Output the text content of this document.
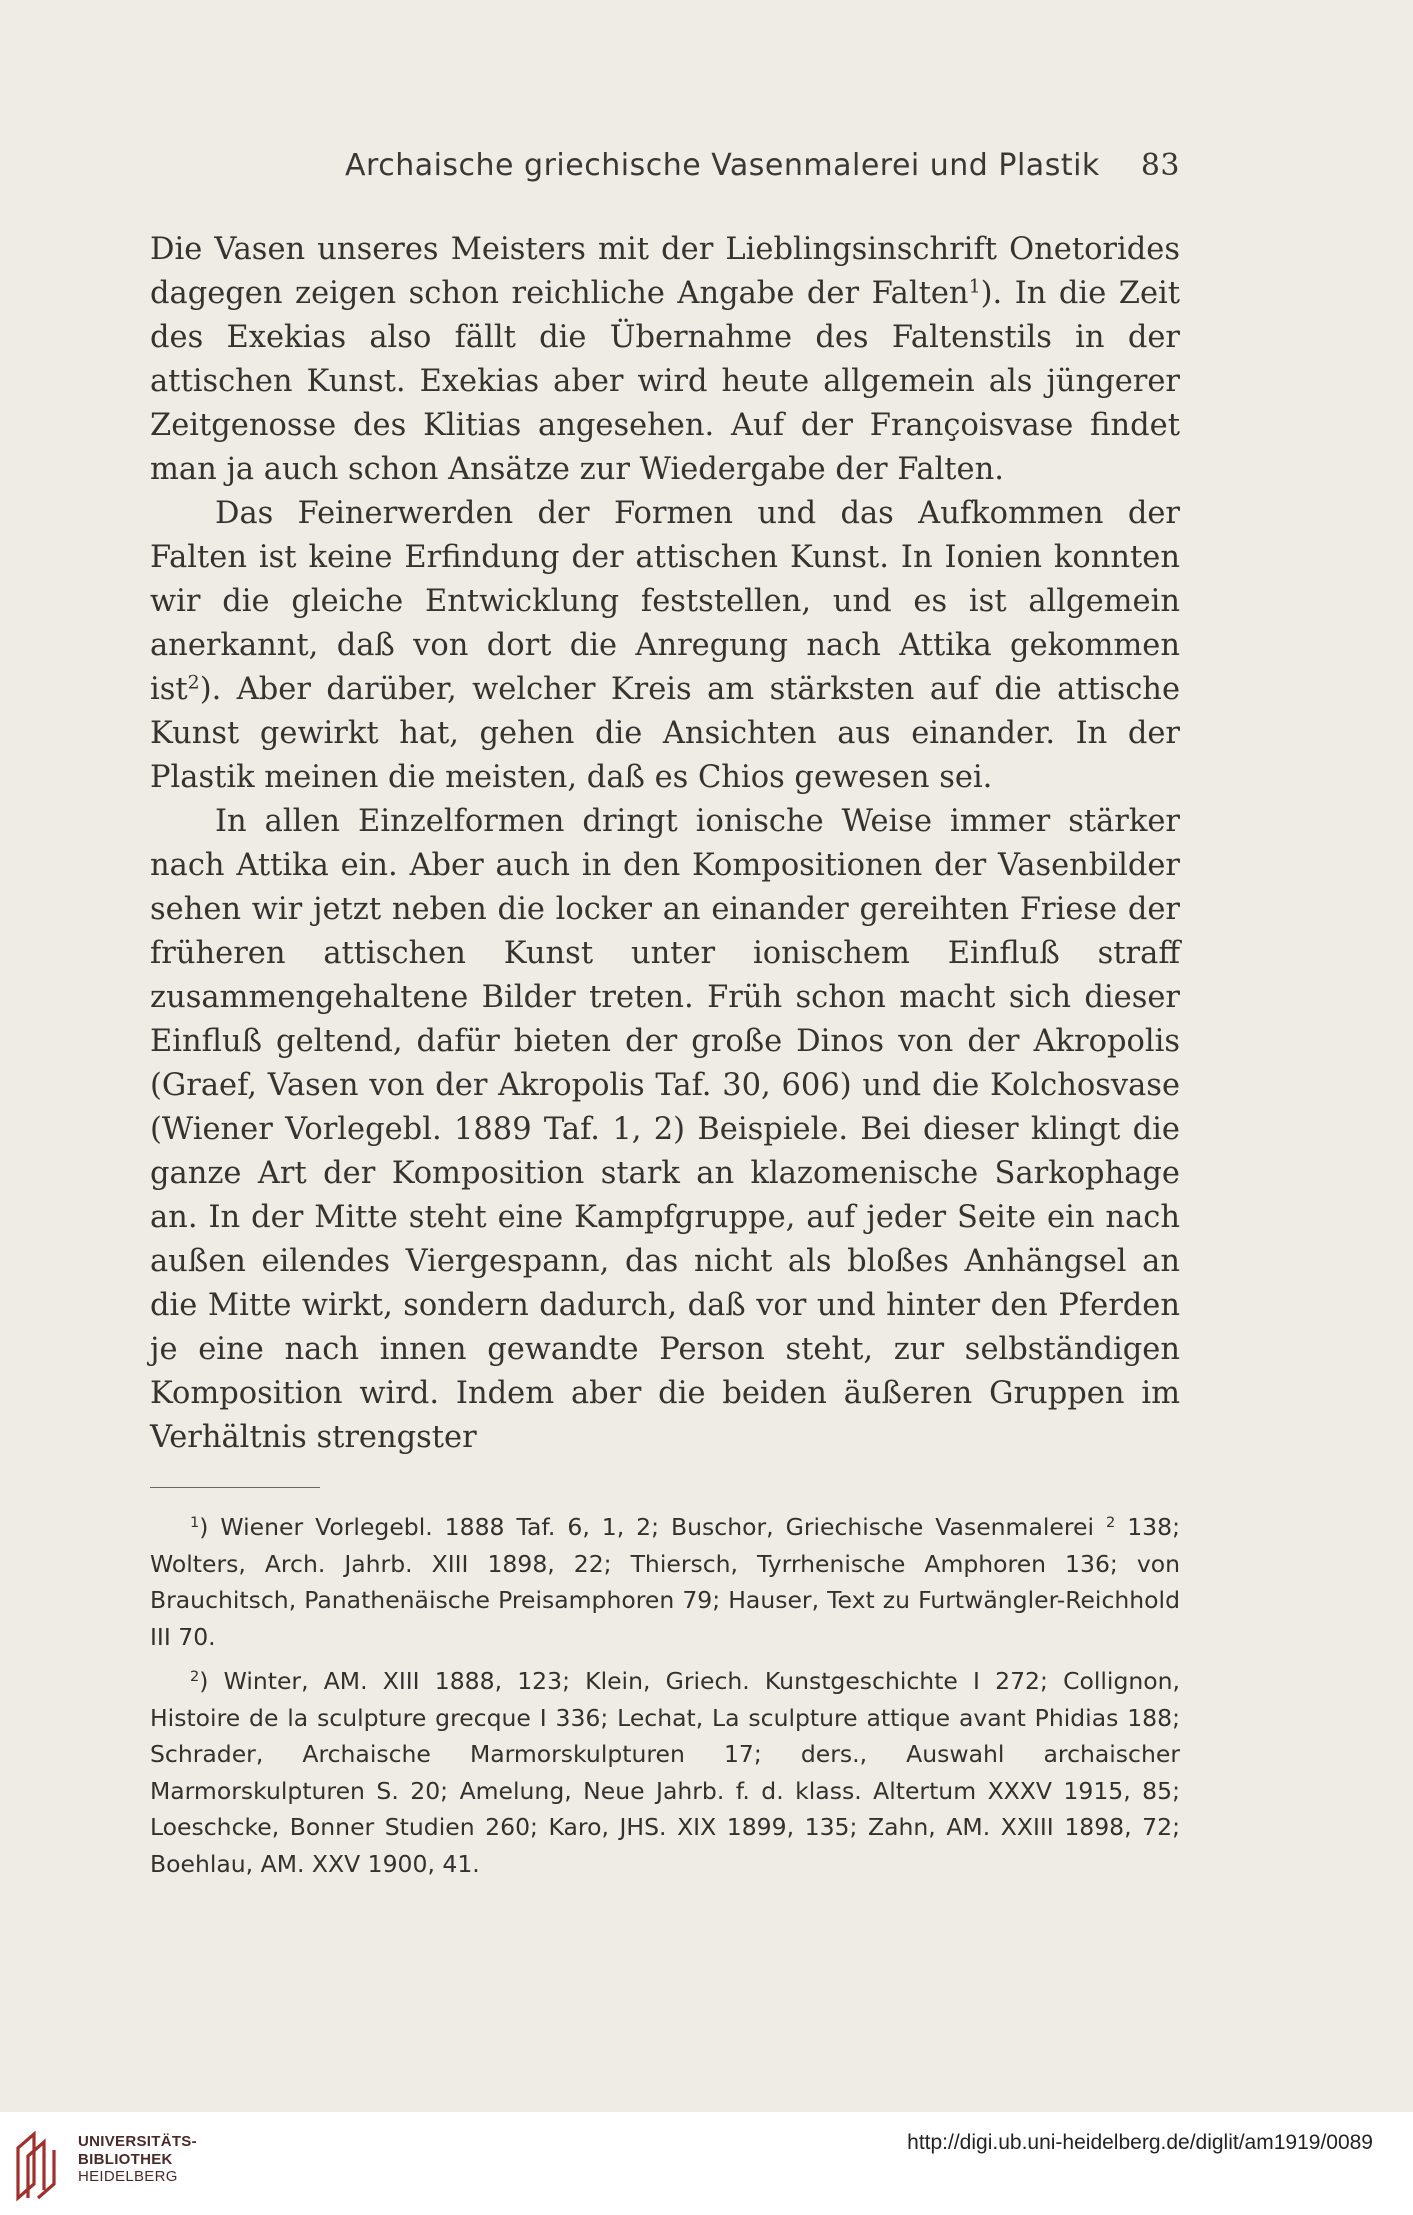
Archaische griechische Vasenmalerei und Plastik 83

Die Vasen unseres Meisters mit der Lieblingsinschrift Onetorides dagegen zeigen schon reichliche Angabe der Falten$^1$). In die Zeit des Exekias also fällt die Übernahme des Faltenstils in der attischen Kunst. Exekias aber wird heute allgemein als jüngerer Zeitgenosse des Klitias angesehen. Auf der Françoisvase findet man ja auch schon Ansätze zur Wiedergabe der Falten.

Das Feinerwerden der Formen und das Aufkommen der Falten ist keine Erfindung der attischen Kunst. In Ionien konnten wir die gleiche Entwicklung feststellen, und es ist allgemein anerkannt, daß von dort die Anregung nach Attika gekommen ist$^2$). Aber darüber, welcher Kreis am stärksten auf die attische Kunst gewirkt hat, gehen die Ansichten aus einander. In der Plastik meinen die meisten, daß es Chios gewesen sei.

In allen Einzelformen dringt ionische Weise immer stärker nach Attika ein. Aber auch in den Kompositionen der Vasenbilder sehen wir jetzt neben die locker an einander gereihten Friese der früheren attischen Kunst unter ionischem Einfluß straff zusammengehaltene Bilder treten. Früh schon macht sich dieser Einfluß geltend, dafür bieten der große Dinos von der Akropolis (Graef, Vasen von der Akropolis Taf. 30, 606) und die Kolchosvase (Wiener Vorlegebl. 1889 Taf. 1, 2) Beispiele. Bei dieser klingt die ganze Art der Komposition stark an klazomenische Sarkophage an. In der Mitte steht eine Kampfgruppe, auf jeder Seite ein nach außen eilendes Viergespann, das nicht als bloßes Anhängsel an die Mitte wirkt, sondern dadurch, daß vor und hinter den Pferden je eine nach innen gewandte Person steht, zur selbständigen Komposition wird. Indem aber die beiden äußeren Gruppen im Verhältnis strengster

$^1$) Wiener Vorlegebl. 1888 Taf. 6, 1, 2; Buschor, Griechische Vasenmalerei $^2$ 138; Wolters, Arch. Jahrb. XIII 1898, 22; Thiersch, Tyrrhenische Amphoren 136; von Brauchitsch, Panathenäische Preisamphoren 79; Hauser, Text zu Furtwängler-Reichhold III 70.

$^2$) Winter, AM. XIII 1888, 123; Klein, Griech. Kunstgeschichte I 272; Collignon, Histoire de la sculpture grecque I 336; Lechat, La sculpture attique avant Phidias 188; Schrader, Archaische Marmorskulpturen 17; ders., Auswahl archaischer Marmorskulpturen S. 20; Amelung, Neue Jahrb. f. d. klass. Altertum XXXV 1915, 85; Loeschcke, Bonner Studien 260; Karo, JHS. XIX 1899, 135; Zahn, AM. XXIII 1898, 72; Boehlau, AM. XXV 1900, 41.

UNIVERSITÄTS-
BIBLIOTHEK
HEIDELBERG
http://digi.ub.uni-heidelberg.de/diglit/am1919/0089
